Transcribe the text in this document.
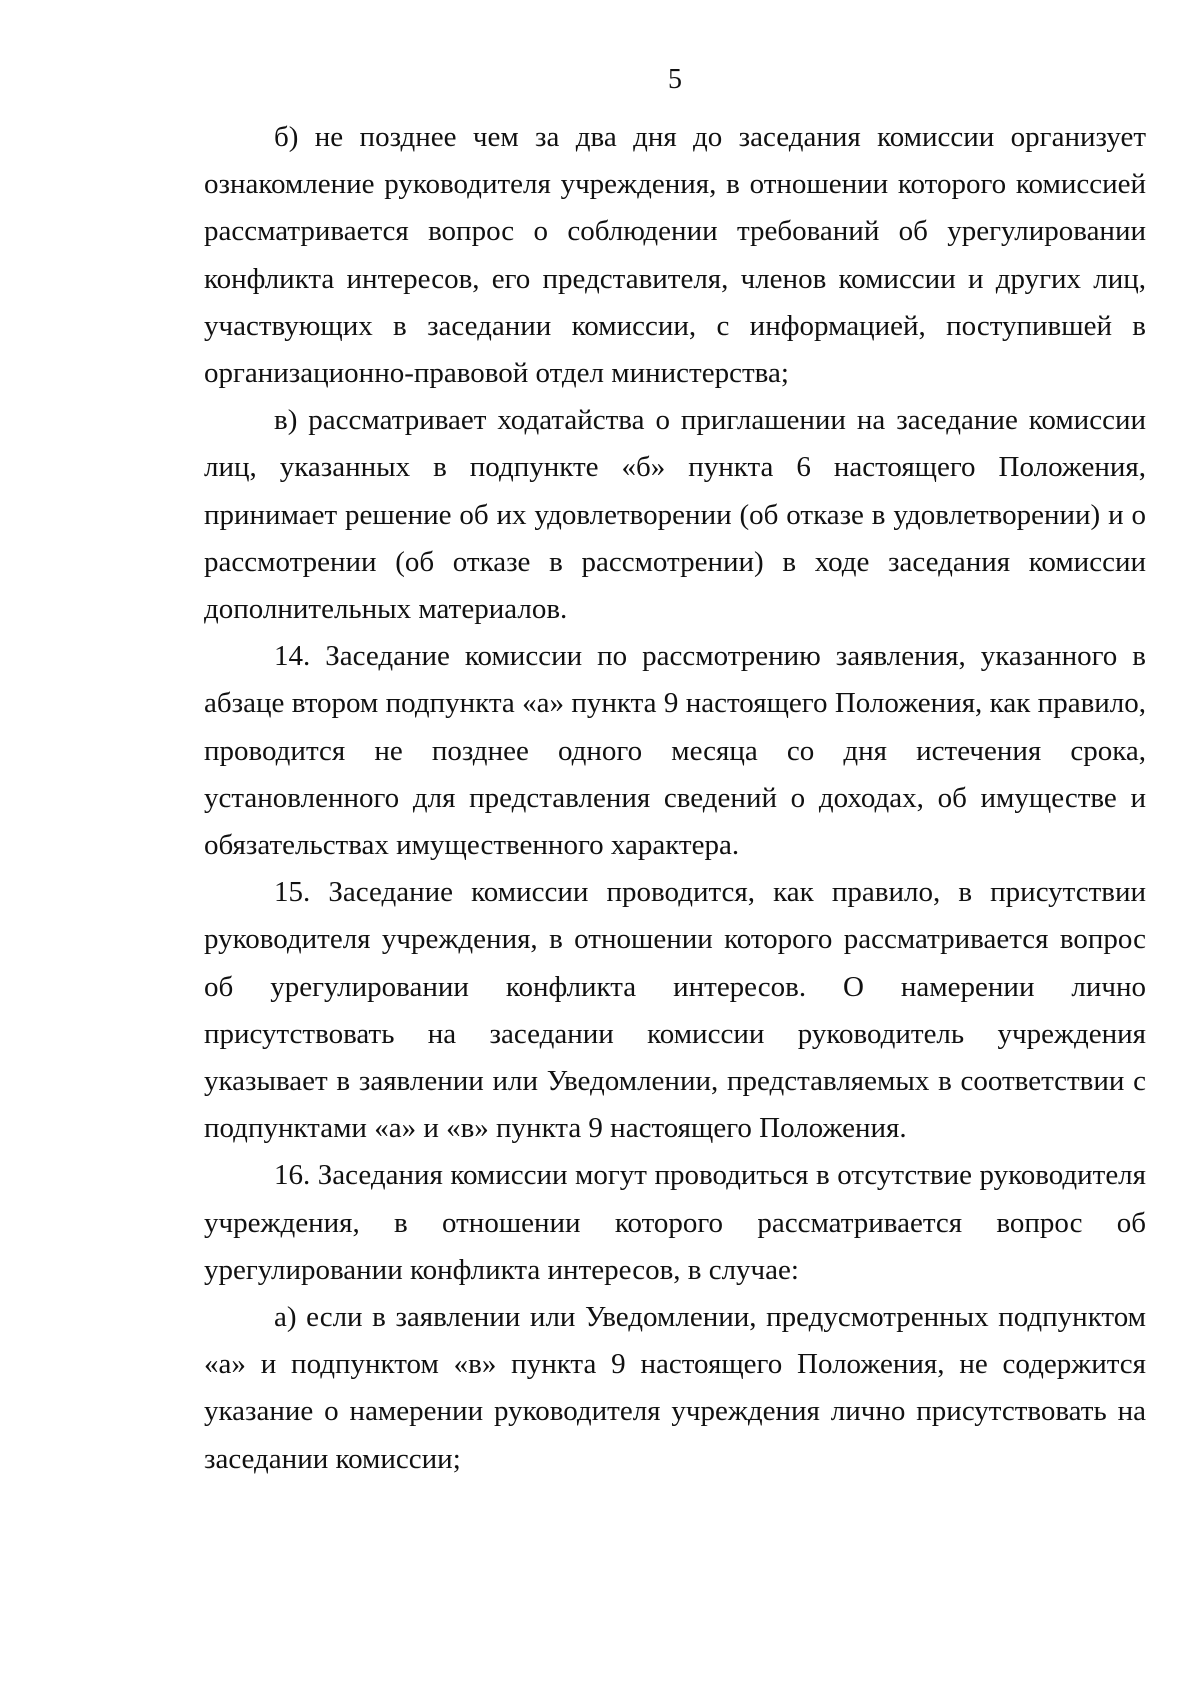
5

б) не позднее чем за два дня до заседания комиссии организует ознакомление руководителя учреждения, в отношении которого комиссией рассматривается вопрос о соблюдении требований об урегулировании конфликта интересов, его представителя, членов комиссии и других лиц, участвующих в заседании комиссии, с информацией, поступившей в организационно-правовой отдел министерства;

в) рассматривает ходатайства о приглашении на заседание комиссии лиц, указанных в подпункте «б» пункта 6 настоящего Положения, принимает решение об их удовлетворении (об отказе в удовлетворении) и о рассмотрении (об отказе в рассмотрении) в ходе заседания комиссии дополнительных материалов.

14. Заседание комиссии по рассмотрению заявления, указанного в абзаце втором подпункта «а» пункта 9 настоящего Положения, как правило, проводится не позднее одного месяца со дня истечения срока, установленного для представления сведений о доходах, об имуществе и обязательствах имущественного характера.

15. Заседание комиссии проводится, как правило, в присутствии руководителя учреждения, в отношении которого рассматривается вопрос об урегулировании конфликта интересов. О намерении лично присутствовать на заседании комиссии руководитель учреждения указывает в заявлении или Уведомлении, представляемых в соответствии с подпунктами «а» и «в» пункта 9 настоящего Положения.

16. Заседания комиссии могут проводиться в отсутствие руководителя учреждения, в отношении которого рассматривается вопрос об урегулировании конфликта интересов, в случае:

а) если в заявлении или Уведомлении, предусмотренных подпунктом «а» и подпунктом «в» пункта 9 настоящего Положения, не содержится указание о намерении руководителя учреждения лично присутствовать на заседании комиссии;
